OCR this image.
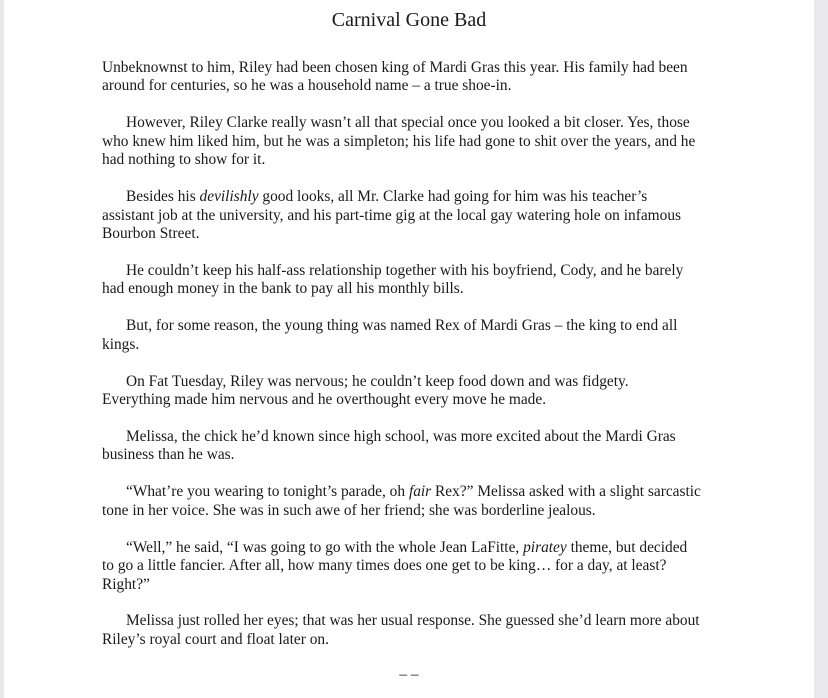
Carnival Gone Bad

Unbeknownst to him, Riley had been chosen king of Mardi Gras this year. His family had been
around for centuries, so he was a household name – a true shoe-in.

However, Riley Clarke really wasn’t all that special once you looked a bit closer. Yes, those
who knew him liked him, but he was a simpleton; his life had gone to shit over the years, and he
had nothing to show for it.

Besides his devilishly good looks, all Mr. Clarke had going for him was his teacher’s
assistant job at the university, and his part-time gig at the local gay watering hole on infamous
Bourbon Street.

He couldn’t keep his half-ass relationship together with his boyfriend, Cody, and he barely
had enough money in the bank to pay all his monthly bills.

But, for some reason, the young thing was named Rex of Mardi Gras – the king to end all
kings.

On Fat Tuesday, Riley was nervous; he couldn’t keep food down and was fidgety.
Everything made him nervous and he overthought every move he made.

Melissa, the chick he’d known since high school, was more excited about the Mardi Gras
business than he was.

“What’re you wearing to tonight’s parade, oh fair Rex?” Melissa asked with a slight sarcastic
tone in her voice. She was in such awe of her friend; she was borderline jealous.

“Well,” he said, “I was going to go with the whole Jean LaFitte, piratey theme, but decided
to go a little fancier. After all, how many times does one get to be king… for a day, at least?
Right?”

Melissa just rolled her eyes; that was her usual response. She guessed she’d learn more about
Riley’s royal court and float later on.

– –
